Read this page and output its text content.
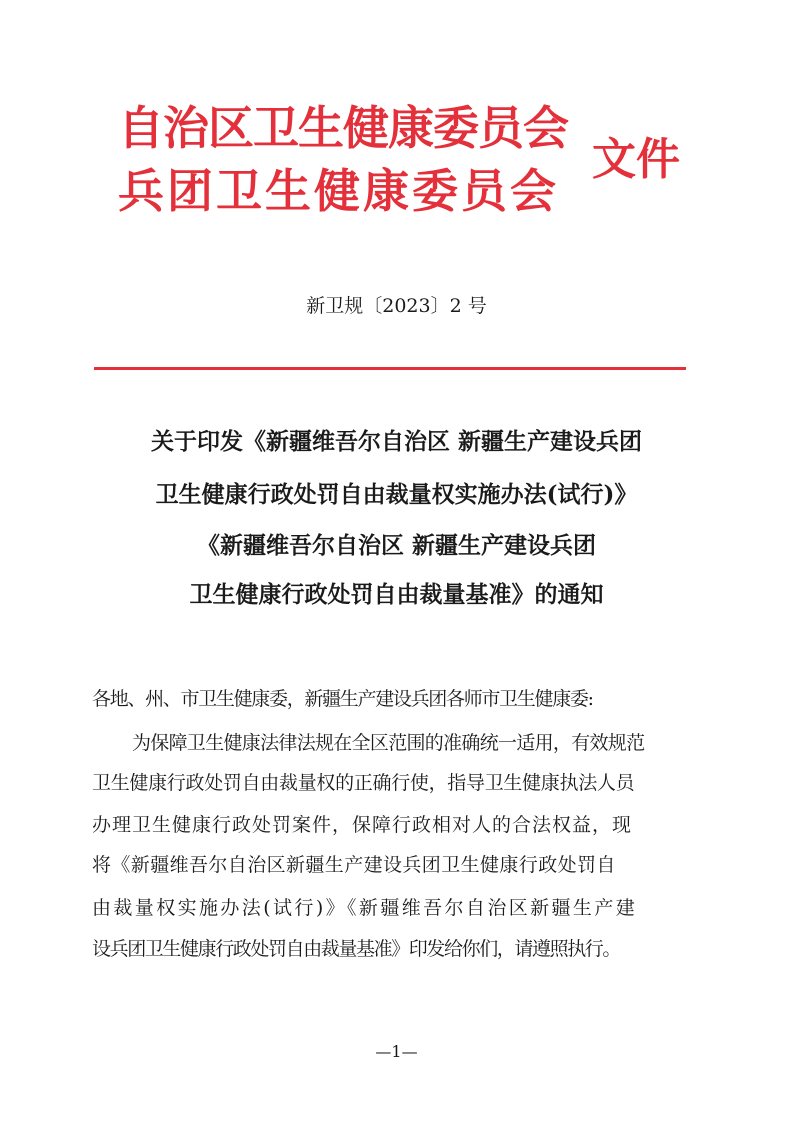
自治区卫生健康委员会
兵团卫生健康委员会
文件
新卫规〔2023〕2 号
关于印发《新疆维吾尔自治区 新疆生产建设兵团
卫生健康行政处罚自由裁量权实施办法(试行)》
《新疆维吾尔自治区 新疆生产建设兵团
卫生健康行政处罚自由裁量基准》的通知
各地、州、市卫生健康委，新疆生产建设兵团各师市卫生健康委:
为保障卫生健康法律法规在全区范围的准确统一适用，有效规范
卫生健康行政处罚自由裁量权的正确行使，指导卫生健康执法人员
办理卫生健康行政处罚案件，保障行政相对人的合法权益，现
将《新疆维吾尔自治区新疆生产建设兵团卫生健康行政处罚自
由裁量权实施办法(试行)》《新疆维吾尔自治区新疆生产建
设兵团卫生健康行政处罚自由裁量基准》印发给你们，请遵照执行。
—1—
